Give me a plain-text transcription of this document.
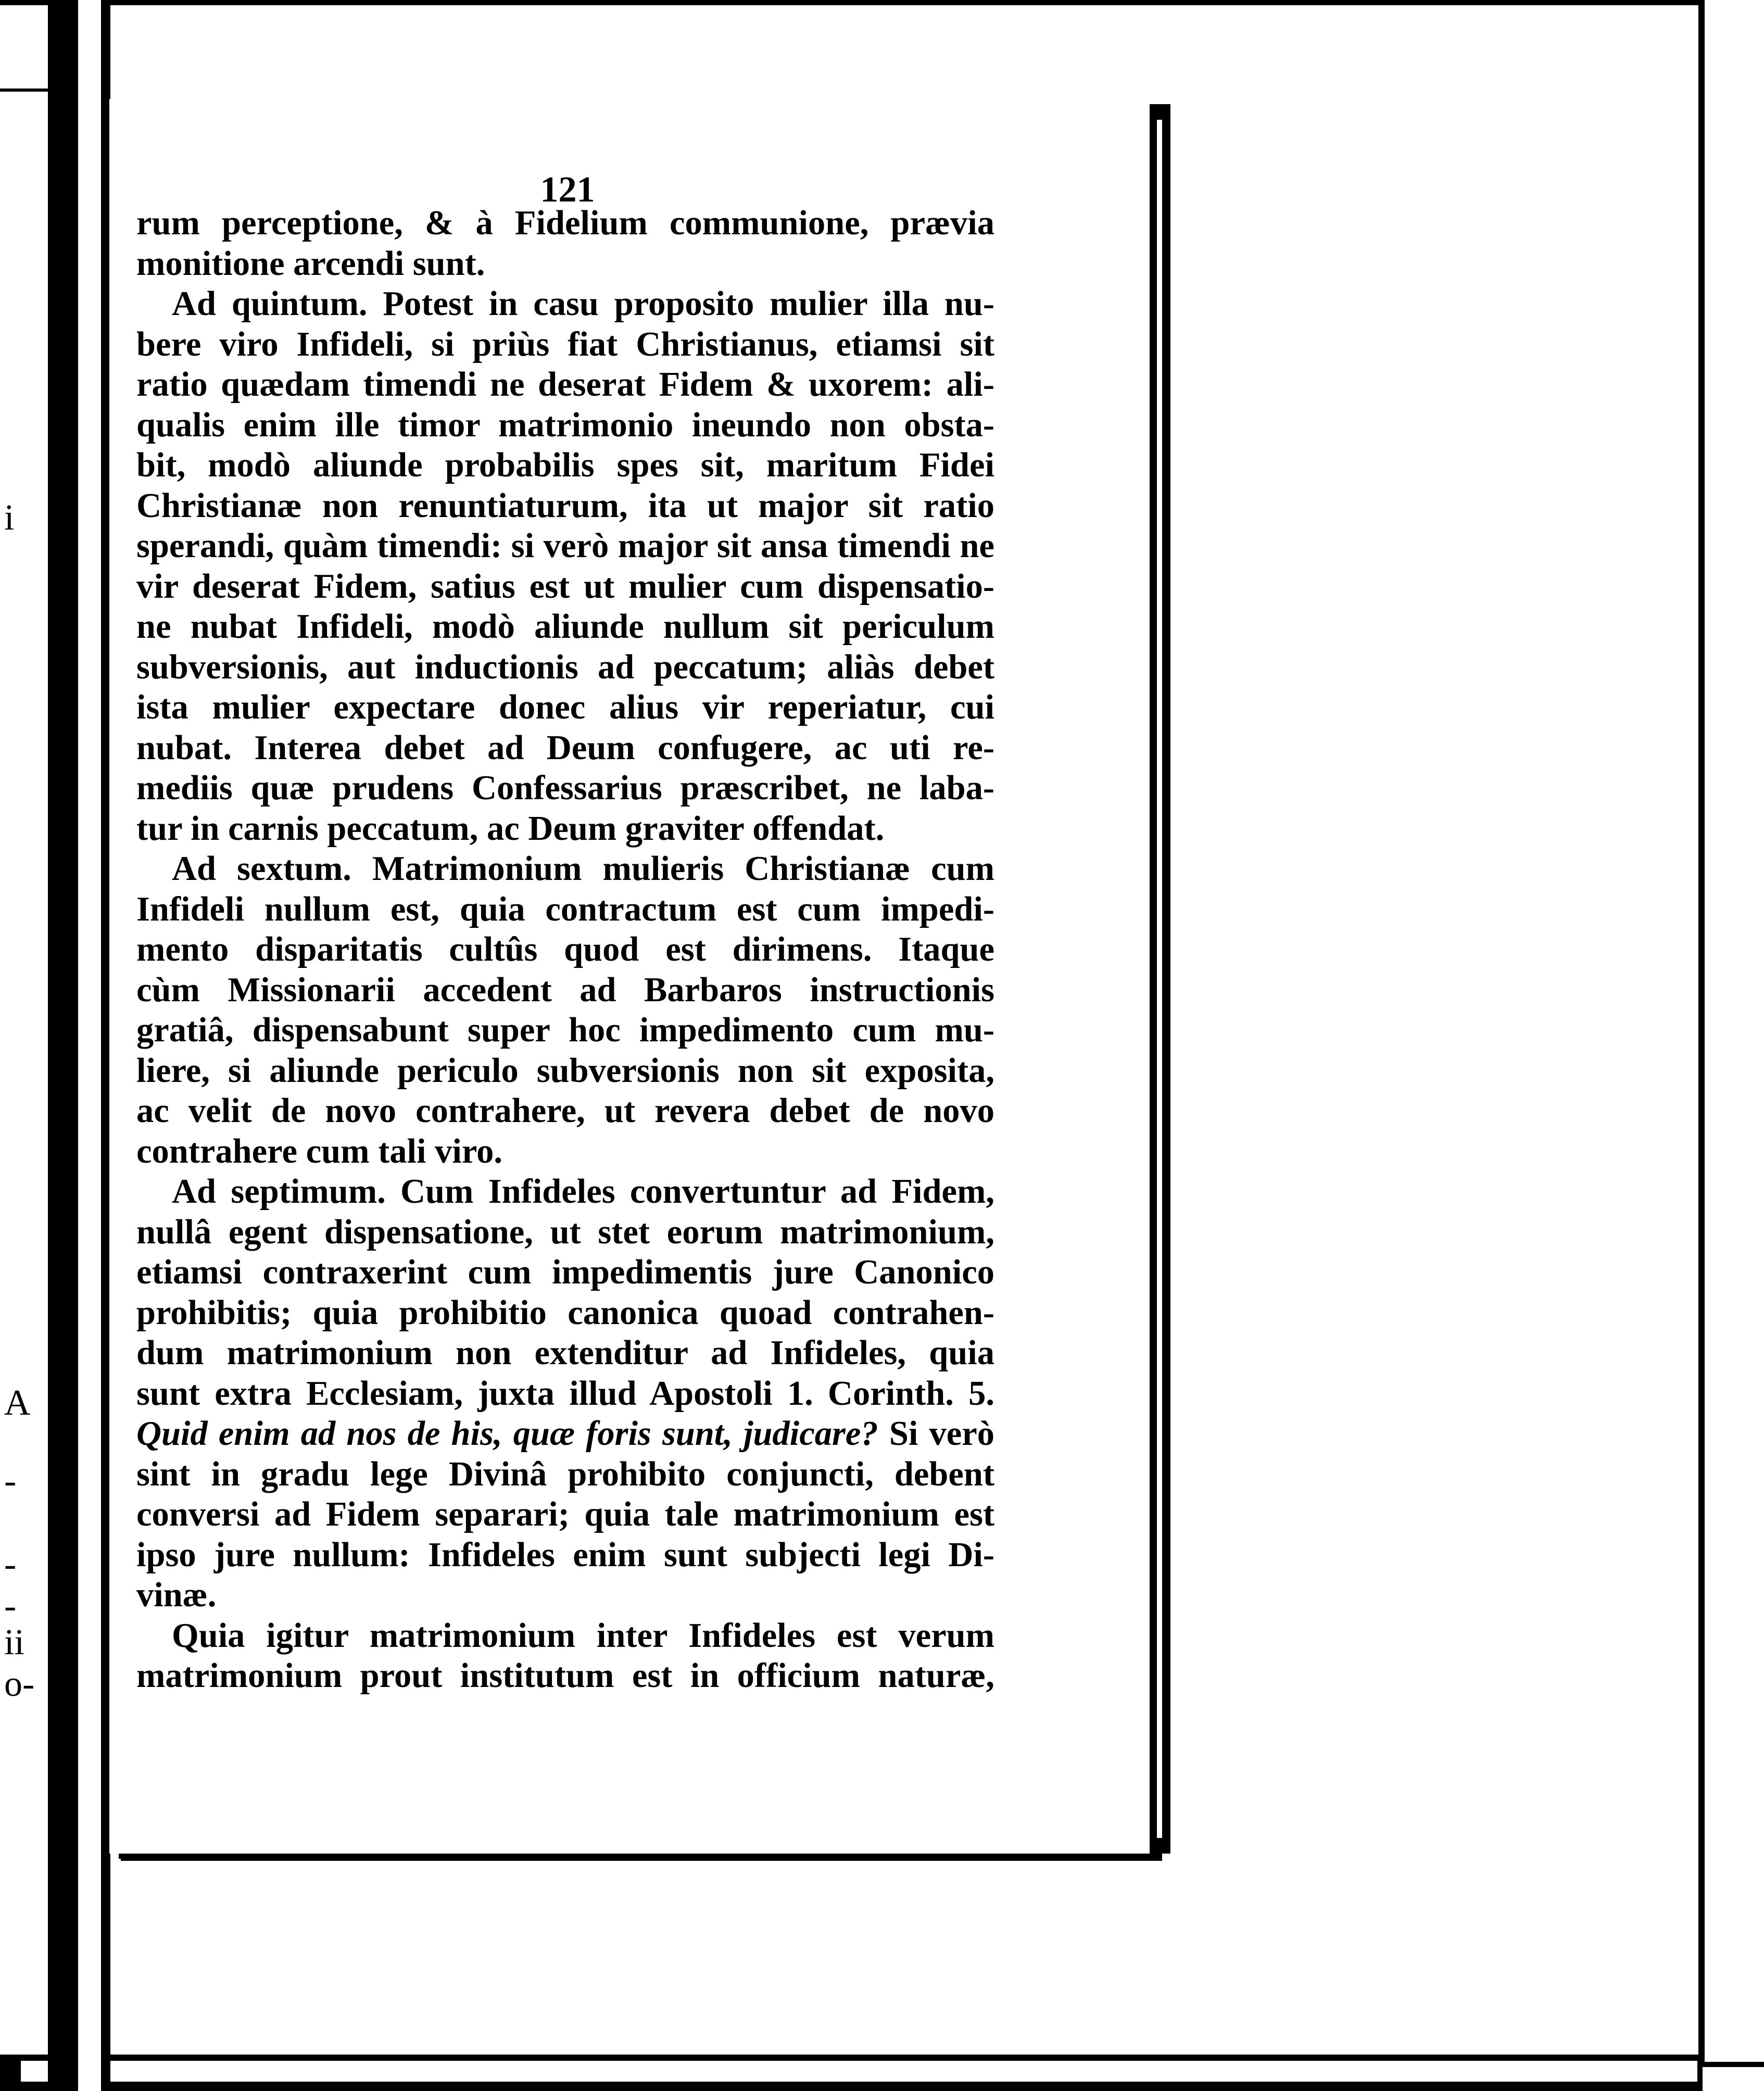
i
A
-
-
-
ii
o-
121
rum perceptione, & à Fidelium communione, prævia
monitione arcendi sunt.
Ad quintum. Potest in casu proposito mulier illa nu-
bere viro Infideli, si priùs fiat Christianus, etiamsi sit
ratio quædam timendi ne deserat Fidem & uxorem: ali-
qualis enim ille timor matrimonio ineundo non obsta-
bit, modò aliunde probabilis spes sit, maritum Fidei
Christianæ non renuntiaturum, ita ut major sit ratio
sperandi, quàm timendi: si verò major sit ansa timendi ne
vir deserat Fidem, satius est ut mulier cum dispensatio-
ne nubat Infideli, modò aliunde nullum sit periculum
subversionis, aut inductionis ad peccatum; aliàs debet
ista mulier expectare donec alius vir reperiatur, cui
nubat. Interea debet ad Deum confugere, ac uti re-
mediis quæ prudens Confessarius præscribet, ne laba-
tur in carnis peccatum, ac Deum graviter offendat.
Ad sextum. Matrimonium mulieris Christianæ cum
Infideli nullum est, quia contractum est cum impedi-
mento disparitatis cultûs quod est dirimens. Itaque
cùm Missionarii accedent ad Barbaros instructionis
gratiâ, dispensabunt super hoc impedimento cum mu-
liere, si aliunde periculo subversionis non sit exposita,
ac velit de novo contrahere, ut revera debet de novo
contrahere cum tali viro.
Ad septimum. Cum Infideles convertuntur ad Fidem,
nullâ egent dispensatione, ut stet eorum matrimonium,
etiamsi contraxerint cum impedimentis jure Canonico
prohibitis; quia prohibitio canonica quoad contrahen-
dum matrimonium non extenditur ad Infideles, quia
sunt extra Ecclesiam, juxta illud Apostoli 1. Corinth. 5.
Quid enim ad nos de his, quæ foris sunt, judicare? Si verò
sint in gradu lege Divinâ prohibito conjuncti, debent
conversi ad Fidem separari; quia tale matrimonium est
ipso jure nullum: Infideles enim sunt subjecti legi Di-
vinæ.
Quia igitur matrimonium inter Infideles est verum
matrimonium prout institutum est in officium naturæ,
